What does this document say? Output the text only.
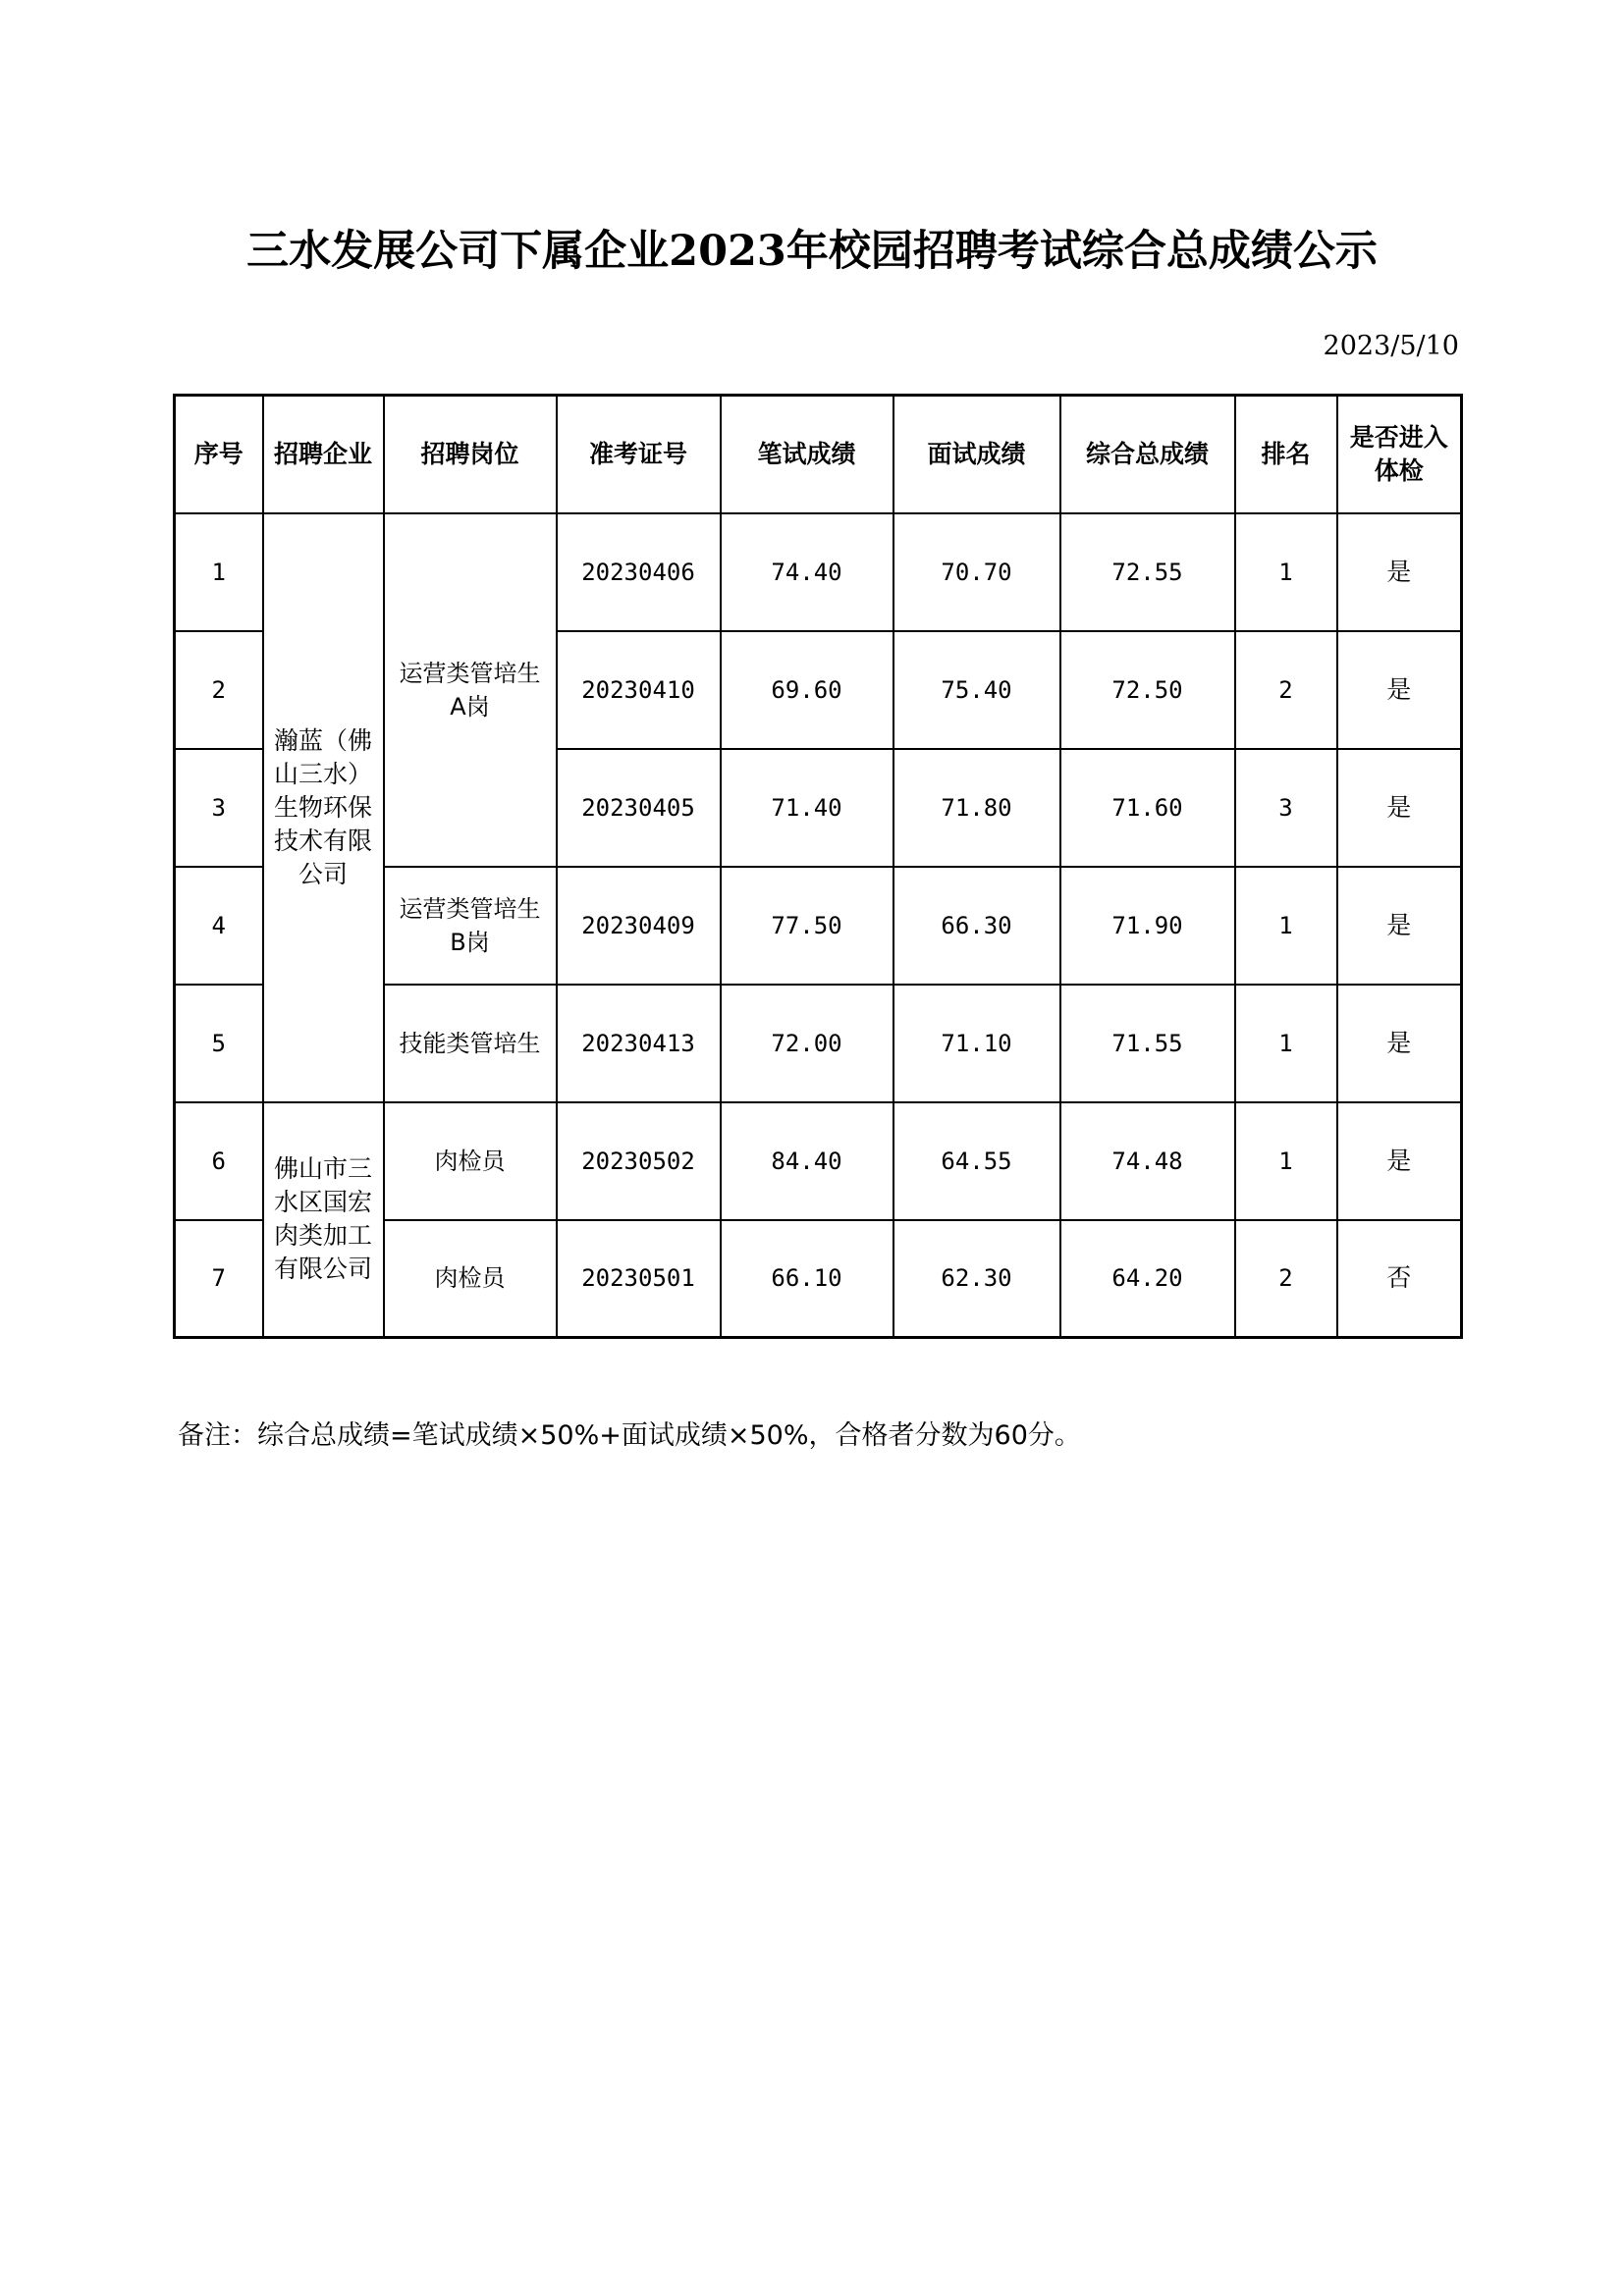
三水发展公司下属企业2023年校园招聘考试综合总成绩公示
2023/5/10
序号	招聘企业	招聘岗位	准考证号	笔试成绩	面试成绩	综合总成绩	排名	是否进入
体检

1	瀚蓝（佛山三水）生物环保技术有限公司	运营类管培生
A岗	20230406	74.40	70.70	72.55	1	是
2			20230410	69.60	75.40	72.50	2	是
3			20230405	71.40	71.80	71.60	3	是
4		运营类管培生
B岗	20230409	77.50	66.30	71.90	1	是
5		技能类管培生	20230413	72.00	71.10	71.55	1	是
6	佛山市三水区国宏肉类加工有限公司	肉检员	20230502	84.40	64.55	74.48	1	是
7		肉检员	20230501	66.10	62.30	64.20	2	否
备注：综合总成绩=笔试成绩×50%+面试成绩×50%，合格者分数为60分。
